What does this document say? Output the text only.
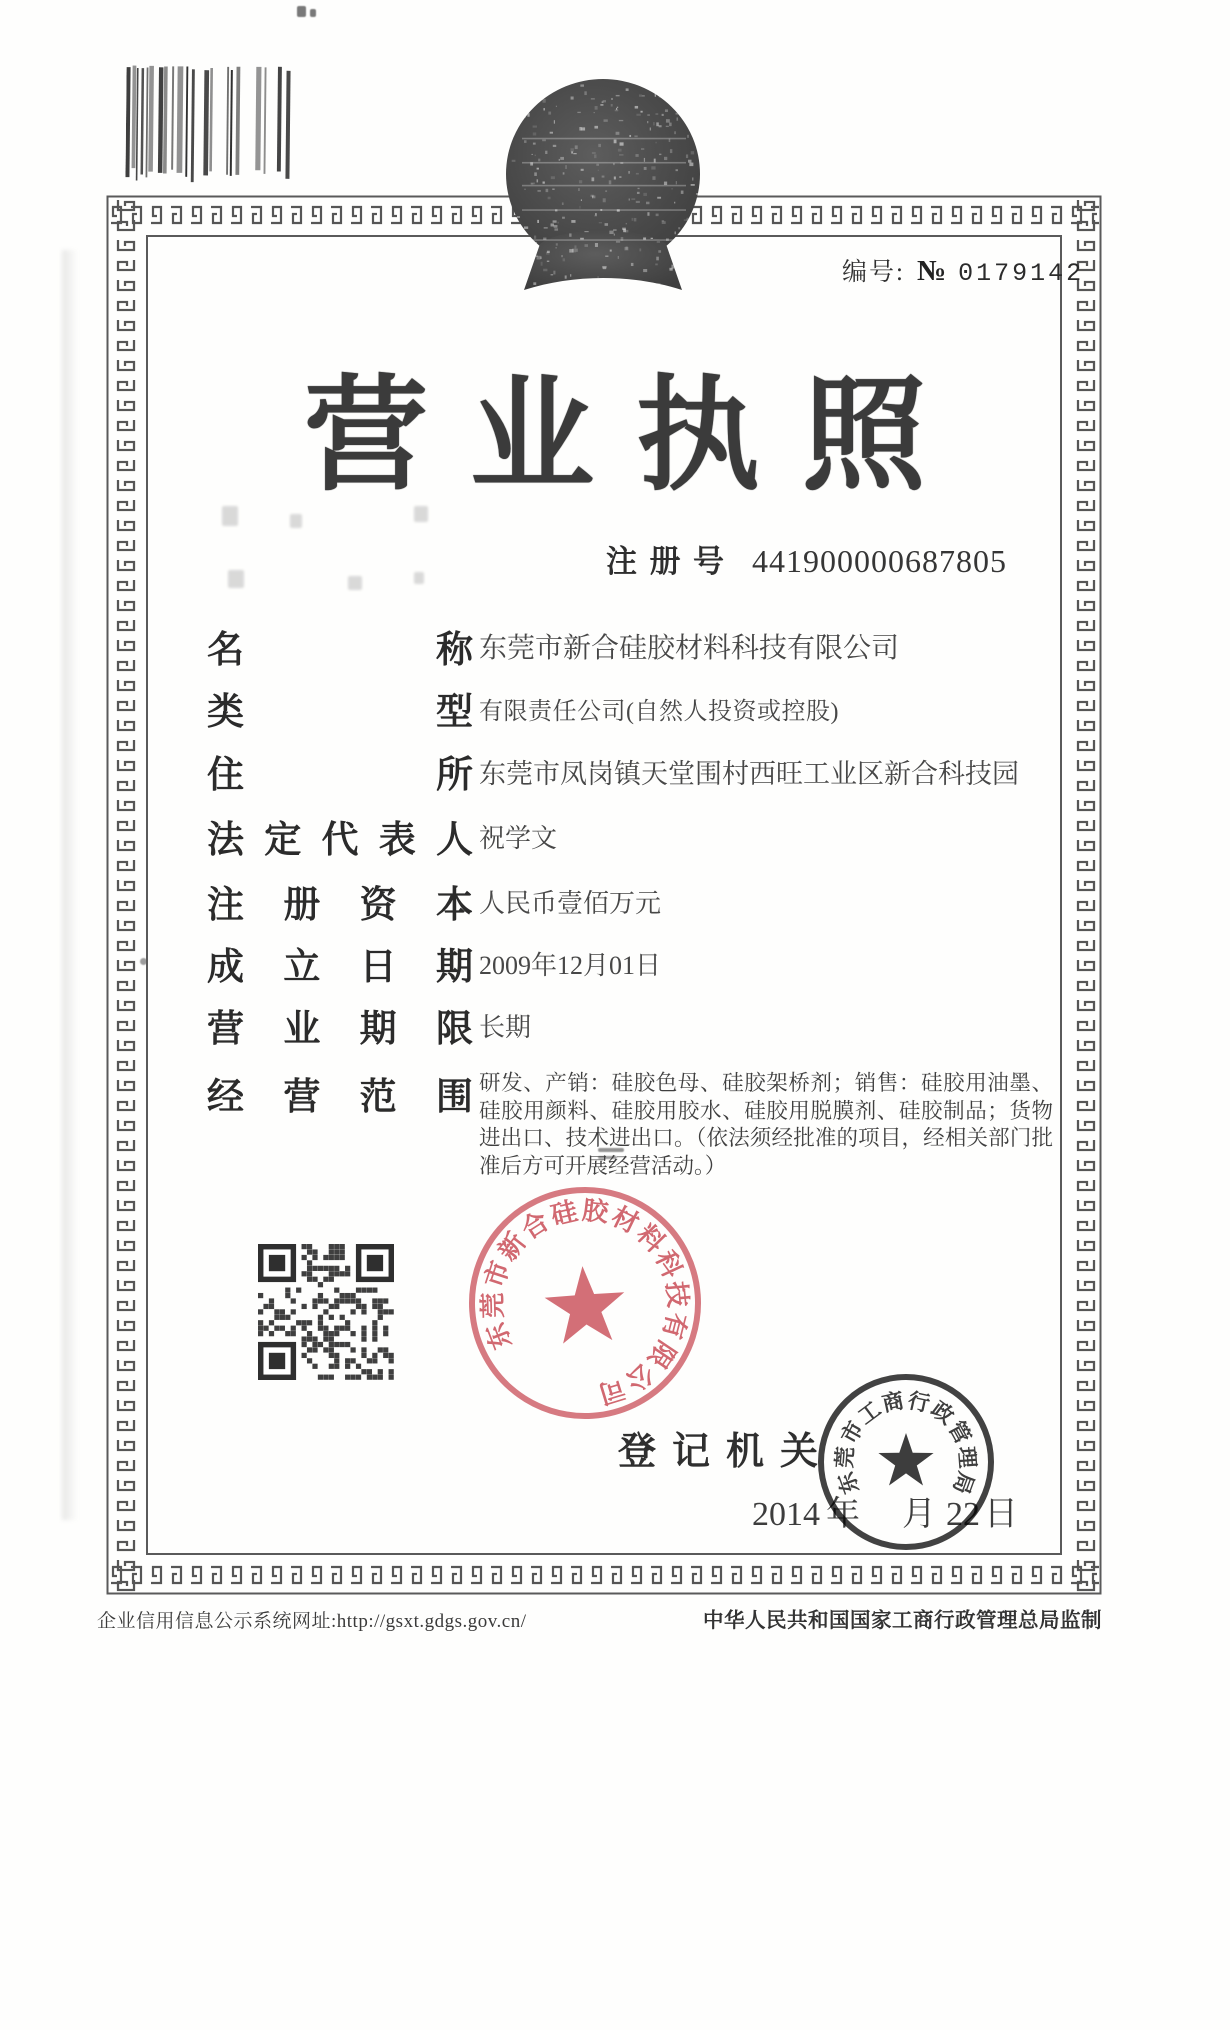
编号: № 0179142
营业执照
注 册 号 441900000687805
名	称 东莞市新合硅胶材料科技有限公司
类	型 有限责任公司(自然人投资或控股)
住	所 东莞市凤岗镇天堂围村西旺工业区新合科技园
法 定 代 表 人 祝学文
注 册 资 本 人民币壹佰万元
成 立 日 期 2009年12月01日
营 业 期 限 长期
经 营 范 围 研发、产销：硅胶色母、硅胶架桥剂；销售：硅胶用油墨、硅胶用颜料、硅胶用胶水、硅胶用脱膜剂、硅胶制品；货物进出口、技术进出口。（依法须经批准的项目，经相关部门批准后方可开展经营活动。）
东
莞
市
新
合
硅 胶
材
料
科
技
有
限
公
司
登 记 机 关
2014 年 月 22 日
东
莞
市
工
商 行
政
管
理
局
企业信用信息公示系统网址:http://gsxt.gdgs.gov.cn/	中华人民共和国国家工商行政管理总局监制
